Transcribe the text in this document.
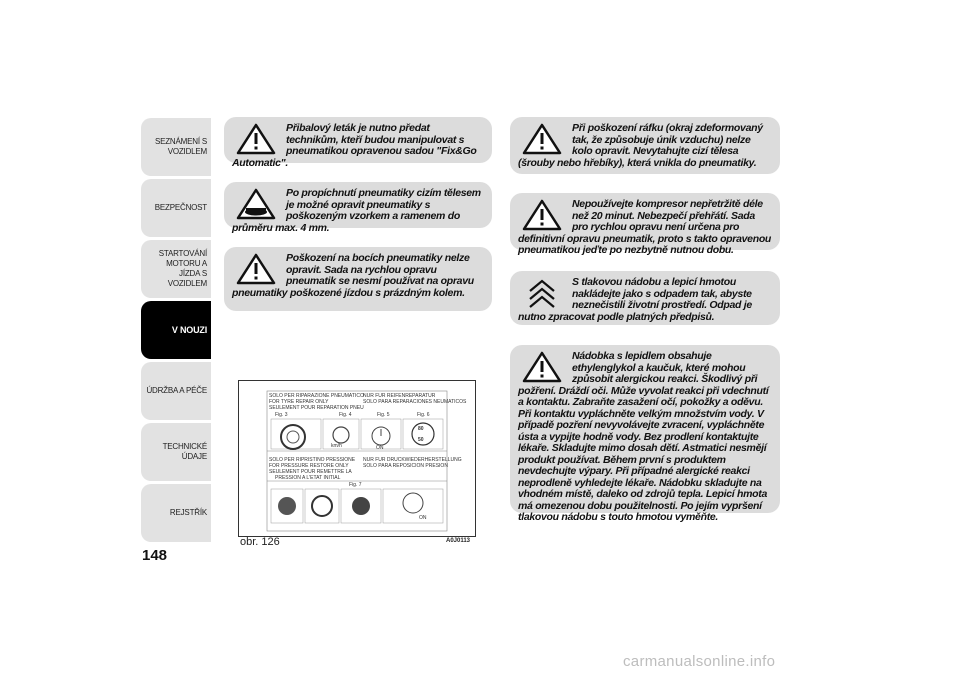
SEZNÁMENÍ S VOZIDLEM
BEZPEČNOST
STARTOVÁNÍ MOTORU A JÍZDA S VOZIDLEM
V NOUZI
ÚDRŽBA A PÉČE
TECHNICKÉ ÚDAJE
REJSTŘÍK
148

Přibalový leták je nutno předat technikům, kteří budou manipulovat s pneumatikou opravenou sadou "Fix&Go Automatic".

Po propíchnutí pneumatiky cizím tělesem je možné opravit pneumatiky s poškozeným vzorkem a ramenem do průměru max. 4 mm.

Poškození na bocích pneumatiky nelze opravit. Sada na rychlou opravu pneumatik se nesmí používat na opravu pneumatiky poškozené jízdou s prázdným kolem.

SOLO PER RIPARAZIONE PNEUMATICO
FOR TYRE REPAIR ONLY
SEULEMENT POUR REPARATION PNEU
NUR FUR REIFENREPARATUR
SOLO PARA REPARACIONES NEUMATICOS
Fig. 3	Fig. 4	Fig. 5	Fig. 6
ON
80
50
km/h
SOLO PER RIPRISTINO PRESSIONE
FOR PRESSURE RESTORE ONLY
SEULEMENT POUR REMETTRE LA
PRESSION A L'ETAT INITIAL
NUR FUR DRUCKWIEDERHERSTELLUNG
SOLO PARA REPOSICION PRESION
Fig. 7
ON
obr. 126	A0J0113

Při poškození ráfku (okraj zdeformovaný tak, že způsobuje únik vzduchu) nelze kolo opravit. Nevytahujte cizí tělesa (šrouby nebo hřebíky), která vnikla do pneumatiky.

Nepoužívejte kompresor nepřetržitě déle než 20 minut. Nebezpečí přehřátí. Sada pro rychlou opravu není určena pro definitivní opravu pneumatik, proto s takto opravenou pneumatikou jeďte po nezbytně nutnou dobu.

S tlakovou nádobu a lepicí hmotou nakládejte jako s odpadem tak, abyste neznečistili životní prostředí. Odpad je nutno zpracovat podle platných předpisů.

Nádobka s lepidlem obsahuje ethylenglykol a kaučuk, které mohou způsobit alergickou reakci. Škodlivý při požření. Dráždí oči. Může vyvolat reakci při vdechnutí a kontaktu. Zabraňte zasažení očí, pokožky a oděvu. Při kontaktu vypláchněte velkým množstvím vody. V případě pozření nevyvolávejte zvracení, vypláchněte ústa a vypijte hodně vody. Bez prodlení kontaktujte lékaře. Skladujte mimo dosah dětí. Astmatici nesmějí produkt používat. Během první s produktem nevdechujte výpary. Při případné alergické reakci neprodleně vyhledejte lékaře. Nádobku skladujte na vhodném místě, daleko od zdrojů tepla. Lepicí hmota má omezenou dobu použitelnosti. Po jejím vypršení tlakovou nádobu s touto hmotou vyměňte.

carmanualsonline.info
